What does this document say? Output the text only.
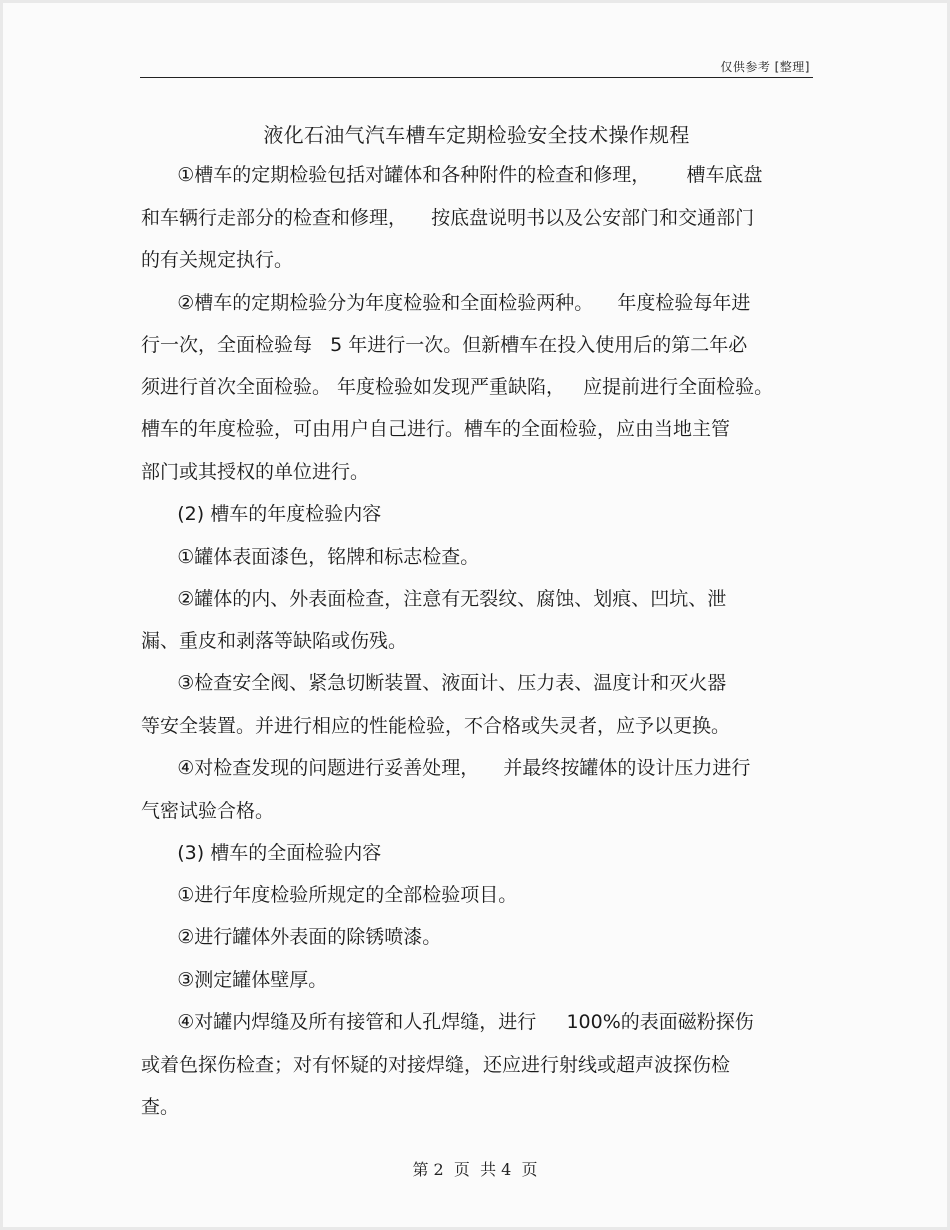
仅供参考 [整理]
液化石油气汽车槽车定期检验安全技术操作规程
①槽车的定期检验包括对罐体和各种附件的检查和修理，      槽车底盘
和车辆行走部分的检查和修理，    按底盘说明书以及公安部门和交通部门
的有关规定执行。
②槽车的定期检验分为年度检验和全面检验两种。    年度检验每年进
行一次，全面检验每   5 年进行一次。但新槽车在投入使用后的第二年必
须进行首次全面检验。 年度检验如发现严重缺陷，   应提前进行全面检验。
槽车的年度检验，可由用户自己进行。槽车的全面检验，应由当地主管
部门或其授权的单位进行。
(2) 槽车的年度检验内容
①罐体表面漆色，铭牌和标志检查。
②罐体的内、外表面检查，注意有无裂纹、腐蚀、划痕、凹坑、泄
漏、重皮和剥落等缺陷或伤残。
③检查安全阀、紧急切断装置、液面计、压力表、温度计和灭火器
等安全装置。并进行相应的性能检验，不合格或失灵者，应予以更换。
④对检查发现的问题进行妥善处理，    并最终按罐体的设计压力进行
气密试验合格。
(3) 槽车的全面检验内容
①进行年度检验所规定的全部检验项目。
②进行罐体外表面的除锈喷漆。
③测定罐体壁厚。
④对罐内焊缝及所有接管和人孔焊缝，进行     100%的表面磁粉探伤
或着色探伤检查；对有怀疑的对接焊缝，还应进行射线或超声波探伤检
查。
第 2  页  共 4  页
